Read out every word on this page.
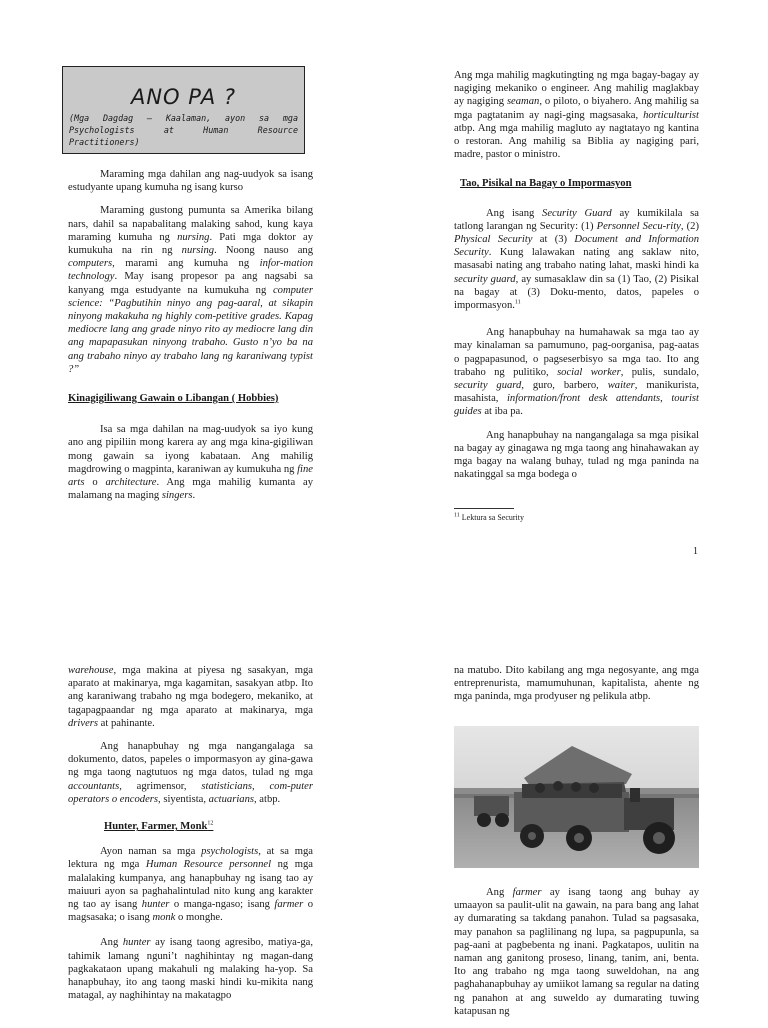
ANO PA ?
(Mga Dagdag – Kaalaman, ayon sa mga Psychologists at Human Resource Practitioners)

Maraming mga dahilan ang nag-uudyok sa isang estudyante upang kumuha ng isang kurso

Maraming gustong pumunta sa Amerika bilang nars, dahil sa napabalitang malaking sahod, kung kaya maraming kumuha ng nursing. Pati mga doktor ay kumukuha na rin ng nursing. Noong nauso ang computers, marami ang kumuha ng infor-mation technology. May isang propesor pa ang nagsabi sa kanyang mga estudyante na kumukuha ng computer science: “Pagbutihin ninyo ang pag-aaral, at sikapin ninyong makakuha ng highly com-petitive grades. Kapag mediocre lang ang grade ninyo rito ay mediocre lang din ang mapapasukan ninyong trabaho. Gusto n’yo ba na ang trabaho ninyo ay trabaho lang ng karaniwang typist ?”

Kinagigiliwang Gawain o Libangan ( Hobbies)

Isa sa mga dahilan na mag-uudyok sa iyo kung ano ang pipiliin mong karera ay ang mga kina-gigiliwan mong gawain sa iyong kabataan. Ang mahilig magdrowing o magpinta, karaniwan ay kumukuha ng fine arts o architecture. Ang mga mahilig kumanta ay malamang na maging singers.

Ang mga mahilig magkutingting ng mga bagay-bagay ay nagiging mekaniko o engineer. Ang mahilig maglakbay ay nagiging seaman, o piloto, o biyahero. Ang mahilig sa mga pagtatanim ay nagi-ging magsasaka, horticulturist atbp. Ang mga mahilig magluto ay nagtatayo ng kantina o restoran. Ang mahilig sa Biblia ay nagiging pari, madre, pastor o ministro.

Tao, Pisikal na Bagay o Impormasyon

Ang isang Security Guard ay kumikilala sa tatlong larangan ng Security: (1) Personnel Secu-rity, (2) Physical Security at (3) Document and Information Security. Kung lalawakan nating ang saklaw nito, masasabi nating ang trabaho nating lahat, maski hindi ka security guard, ay sumasaklaw din sa (1) Tao, (2) Pisikal na bagay at (3) Doku-mento, datos, papeles o impormasyon.$^{11}$

Ang hanapbuhay na humahawak sa mga tao ay may kinalaman sa pamumuno, pag-oorganisa, pag-aatas o pagpapasunod, o pagseserbisyo sa mga tao. Ito ang trabaho ng pulitiko, social worker, pulis, sundalo, security guard, guro, barbero, waiter, manikurista, masahista, information/front desk attendants, tourist guides at iba pa.

Ang hanapbuhay na nangangalaga sa mga pisikal na bagay ay ginagawa ng mga taong ang hinahawakan ay mga bagay na walang buhay, tulad ng mga paninda na nakatinggal sa mga bodega o

$^{11}$ Lektura sa Security
1

warehouse, mga makina at piyesa ng sasakyan, mga aparato at makinarya, mga kagamitan, sasakyan atbp. Ito ang karaniwang trabaho ng mga bodegero, mekaniko, at tagapagpaandar ng mga aparato at makinarya, mga drivers at pahinante.

Ang hanapbuhay ng mga nangangalaga sa dokumento, datos, papeles o impormasyon ay gina-gawa ng mga taong nagtutuos ng mga datos, tulad ng mga accountants, agrimensor, statisticians, com-puter operators o encoders, siyentista, actuarians, atbp.

Hunter, Farmer, Monk$^{12}$

Ayon naman sa mga psychologists, at sa mga lektura ng mga Human Resource personnel ng mga malalaking kumpanya, ang hanapbuhay ng isang tao ay maiuuri ayon sa paghahalintulad nito kung ang karakter ng tao ay isang hunter o manga-ngaso; isang farmer o magsasaka; o isang monk o monghe.

Ang hunter ay isang taong agresibo, matiya-ga, tahimik lamang nguni’t naghihintay ng magan-dang pagkakataon upang makahuli ng malaking ha-yop. Sa hanapbuhay, ito ang taong maski hindi ku-mikita nang matagal, ay naghihintay na makatagpo

na matubo. Dito kabilang ang mga negosyante, ang mga entreprenurista, mamumuhunan, kapitalista, ahente ng mga paninda, mga prodyuser ng pelikula atbp.

Ang farmer ay isang taong ang buhay ay umaayon sa paulit-ulit na gawain, na para bang ang lahat ay dumarating sa takdang panahon. Tulad sa pagsasaka, may panahon sa paglilinang ng lupa, sa pagpupunla, sa pag-aani at pagbebenta ng inani. Pagkatapos, uulitin na naman ang ganitong proseso, linang, tanim, ani, benta. Ito ang trabaho ng mga taong suweldohan, na ang paghahanapbuhay ay umiikot lamang sa regular na dating ng panahon at ang suweldo ay dumarating tuwing katapusan ng
